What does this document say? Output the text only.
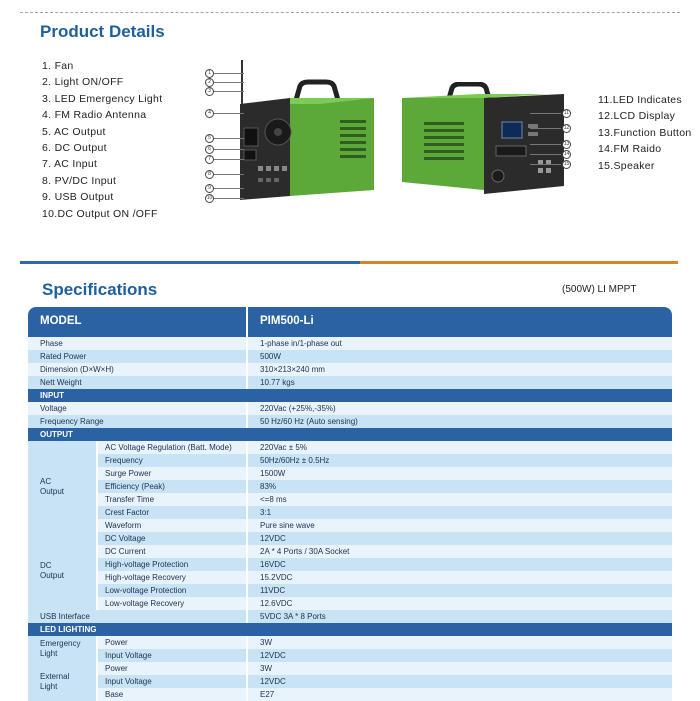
Product Details
1. Fan
2. Light ON/OFF
3. LED Emergency Light
4. FM Radio Antenna
5. AC Output
6. DC Output
7. AC Input
8. PV/DC Input
9. USB Output
10.DC Output ON /OFF
11.LED Indicates
12.LCD Display
13.Function Button
14.FM Raido
15.Speaker
1
2
3
4
5
6
7
8
9
10
11
12
13
14
15
Specifications	(500W) LI MPPT
MODEL	PIM500-Li
Phase	1-phase in/1-phase out
Rated Power	500W
Dimension (D×W×H)	310×213×240 mm
Nett Weight	10.77 kgs
INPUT
Voltage	220Vac (+25%,-35%)
Frequency Range	50 Hz/60 Hz (Auto sensing)
OUTPUT
AC
Output
AC Voltage Regulation (Batt. Mode)	220Vac ± 5%
Frequency	50Hz/60Hz ± 0.5Hz
Surge Power	1500W
Efficiency (Peak)	83%
Transfer Time	<=8 ms
Crest Factor	3:1
Waveform	Pure sine wave
DC
Output
DC Voltage	12VDC
DC Current	2A * 4 Ports / 30A Socket
High-voltage Protection	16VDC
High-voltage Recovery	15.2VDC
Low-voltage Protection	11VDC
Low-voltage Recovery	12.6VDC
USB Interface	5VDC 3A * 8 Ports
LED LIGHTING
Emergency
Light
Power	3W
Input Voltage	12VDC
External
Light
Power	3W
Input Voltage	12VDC
Base	E27
